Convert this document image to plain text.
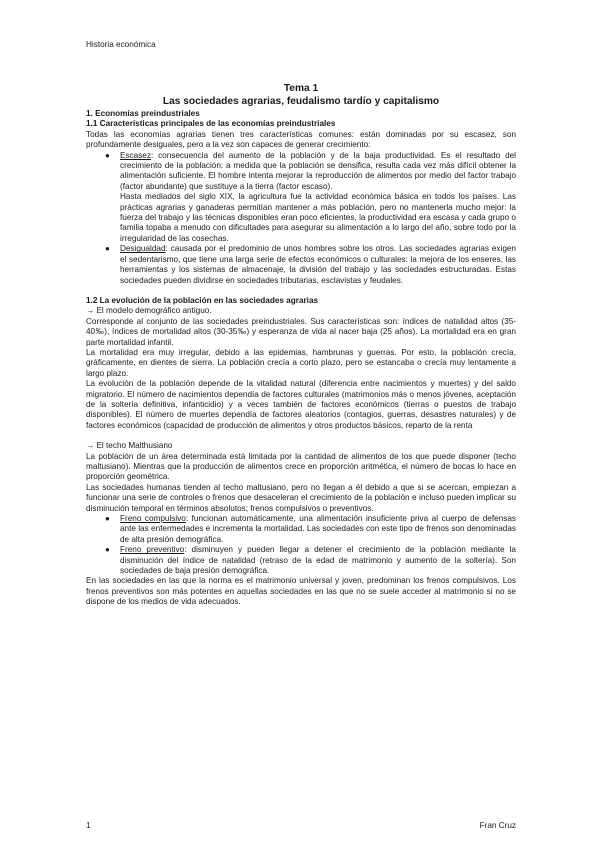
Historia económica
Tema 1
Las sociedades agrarias, feudalismo tardío y capitalismo
1. Economías preindustriales
1.1 Características principales de las economías preindustriales

Todas las economías agrarias tienen tres características comunes: están dominadas por su escasez, son profundamente desiguales, pero a la vez son capaces de generar crecimiento:

● Escasez: consecuencia del aumento de la población y de la baja productividad. Es el resultado del crecimiento de la población: a medida que la población se densifica, resulta cada vez más difícil obtener la alimentación suficiente. El hombre intenta mejorar la reproducción de alimentos por medio del factor trabajo (factor abundante) que sustituye a la tierra (factor escaso).
Hasta mediados del siglo XIX, la agricultura fue la actividad económica básica en todos los países. Las prácticas agrarias y ganaderas permitían mantener a más población, pero no mantenerla mucho mejor: la fuerza del trabajo y las técnicas disponibles eran poco eficientes, la productividad era escasa y cada grupo o familia topaba a menudo con dificultades para asegurar su alimentación a lo largo del año, sobre todo por la irregularidad de las cosechas.
● Desigualdad: causada por el predominio de unos hombres sobre los otros. Las sociedades agrarias exigen el sedentarismo, que tiene una larga serie de efectos económicos o culturales: la mejora de los enseres, las herramientas y los sistemas de almacenaje, la división del trabajo y las sociedades estructuradas. Estas sociedades pueden dividirse en sociedades tributarias, esclavistas y feudales.
1.2 La evolución de la población en las sociedades agrarias
→ El modelo demográfico antiguo.

Corresponde al conjunto de las sociedades preindustriales. Sus características son: índices de natalidad altos (35-40‰), índices de mortalidad altos (30-35‰) y esperanza de vida al nacer baja (25 años). La mortalidad era en gran parte mortalidad infantil.

La mortalidad era muy irregular, debido a las epidemias, hambrunas y guerras. Por esto, la población crecía, gráficamente, en dientes de sierra. La población crecía a corto plazo, pero se estancaba o crecía muy lentamente a largo plazo.

La evolución de la población depende de la vitalidad natural (diferencia entre nacimientos y muertes) y del saldo migratorio. El número de nacimientos dependía de factores culturales (matrimonios más o menos jóvenes, aceptación de la soltería definitiva, infanticidio) y a veces también de factores económicos (tierras o puestos de trabajo disponibles). El número de muertes dependía de factores aleatorios (contagios, guerras, desastres naturales) y de factores económicos (capacidad de producción de alimentos y otros productos básicos, reparto de la renta

→ El techo Malthusiano

La población de un área determinada está limitada por la cantidad de alimentos de los que puede disponer (techo maltusiano). Mientras que la producción de alimentos crece en proporción aritmética, el número de bocas lo hace en proporción geométrica.

Las sociedades humanas tienden al techo maltusiano, pero no llegan a él debido a que si se acercan, empiezan a funcionar una serie de controles o frenos que desaceleran el crecimiento de la población e incluso pueden implicar su disminución temporal en términos absolutos; frenos compulsivos o preventivos.

● Freno compulsivo: funcionan automáticamente, una alimentación insuficiente priva al cuerpo de defensas ante las enfermedades e incrementa la mortalidad. Las sociedades con este tipo de frenos son denominadas de alta presión demográfica.
● Freno preventivo: disminuyen y pueden llegar a detener el crecimiento de la población mediante la disminución del índice de natalidad (retraso de la edad de matrimonio y aumento de la soltería). Son sociedades de baja presión demográfica.

En las sociedades en las que la norma es el matrimonio universal y joven, predominan los frenos compulsivos. Los frenos preventivos son más potentes en aquellas sociedades en las que no se suele acceder al matrimonio si no se dispone de los medios de vida adecuados.

1	Fran Cruz
